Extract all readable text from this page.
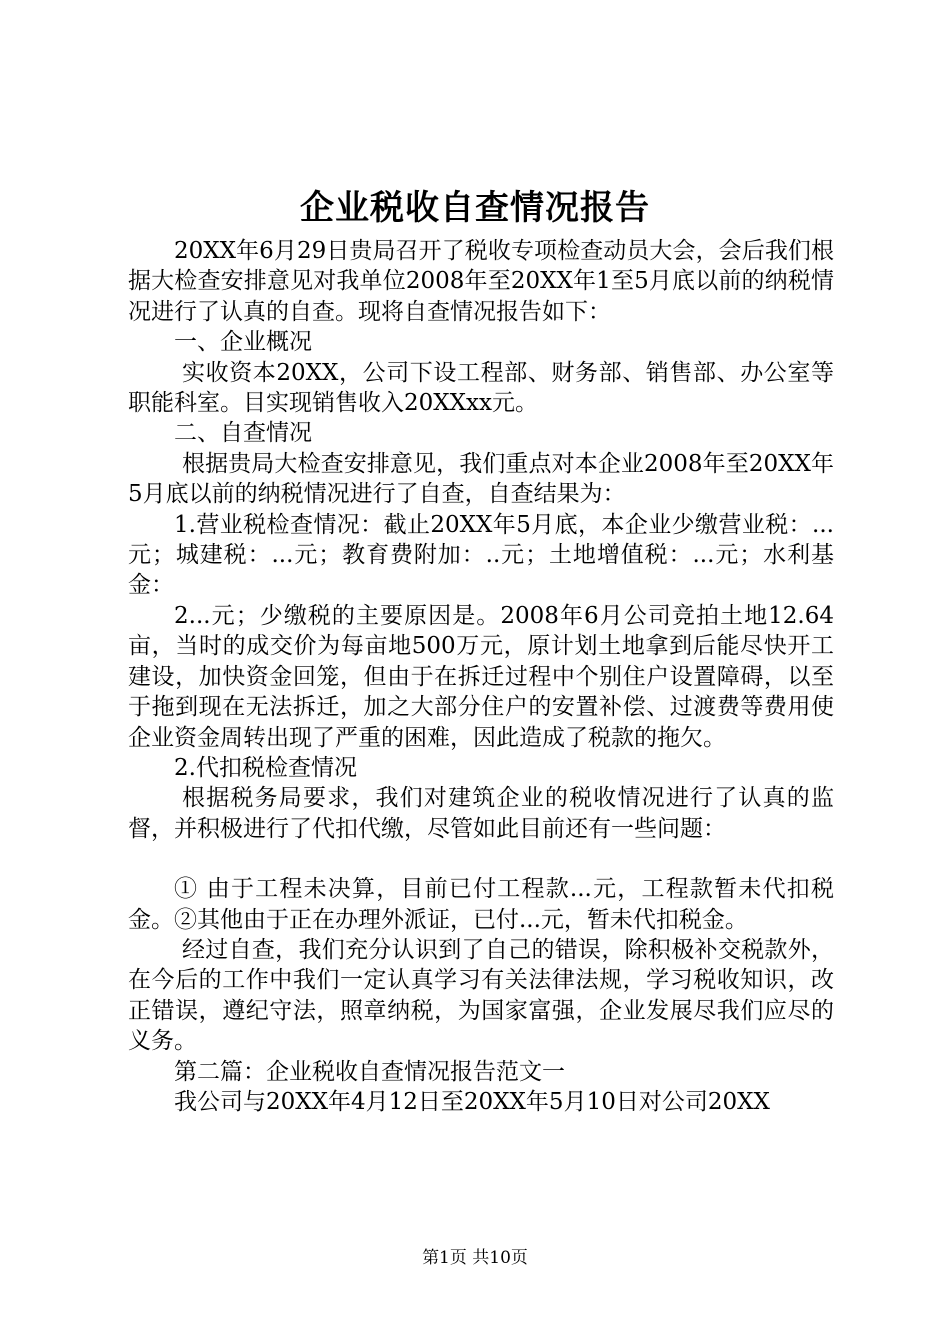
企业税收自查情况报告

20XX年6月29日贵局召开了税收专项检查动员大会，会后我们根据大检查安排意见对我单位2008年至20XX年1至5月底以前的纳税情况进行了认真的自查。现将自查情况报告如下：

一、企业概况

实收资本20XX，公司下设工程部、财务部、销售部、办公室等职能科室。目实现销售收入20XXxx元。

二、自查情况

根据贵局大检查安排意见，我们重点对本企业2008年至20XX年5月底以前的纳税情况进行了自查，自查结果为：

1.营业税检查情况：截止20XX年5月底，本企业少缴营业税：...元；城建税：...元；教育费附加：..元；土地增值税：...元；水利基金：

2...元；少缴税的主要原因是。2008年6月公司竞拍土地12.64亩，当时的成交价为每亩地500万元，原计划土地拿到后能尽快开工建设，加快资金回笼，但由于在拆迁过程中个别住户设置障碍，以至于拖到现在无法拆迁，加之大部分住户的安置补偿、过渡费等费用使企业资金周转出现了严重的困难，因此造成了税款的拖欠。

2.代扣税检查情况

根据税务局要求，我们对建筑企业的税收情况进行了认真的监督，并积极进行了代扣代缴，尽管如此目前还有一些问题：

① 由于工程未决算，目前已付工程款...元，工程款暂未代扣税金。②其他由于正在办理外派证，已付...元，暂未代扣税金。

经过自查，我们充分认识到了自己的错误，除积极补交税款外，在今后的工作中我们一定认真学习有关法律法规，学习税收知识，改正错误，遵纪守法，照章纳税，为国家富强，企业发展尽我们应尽的义务。

第二篇：企业税收自查情况报告范文一

我公司与20XX年4月12日至20XX年5月10日对公司20XX

第1页 共10页
